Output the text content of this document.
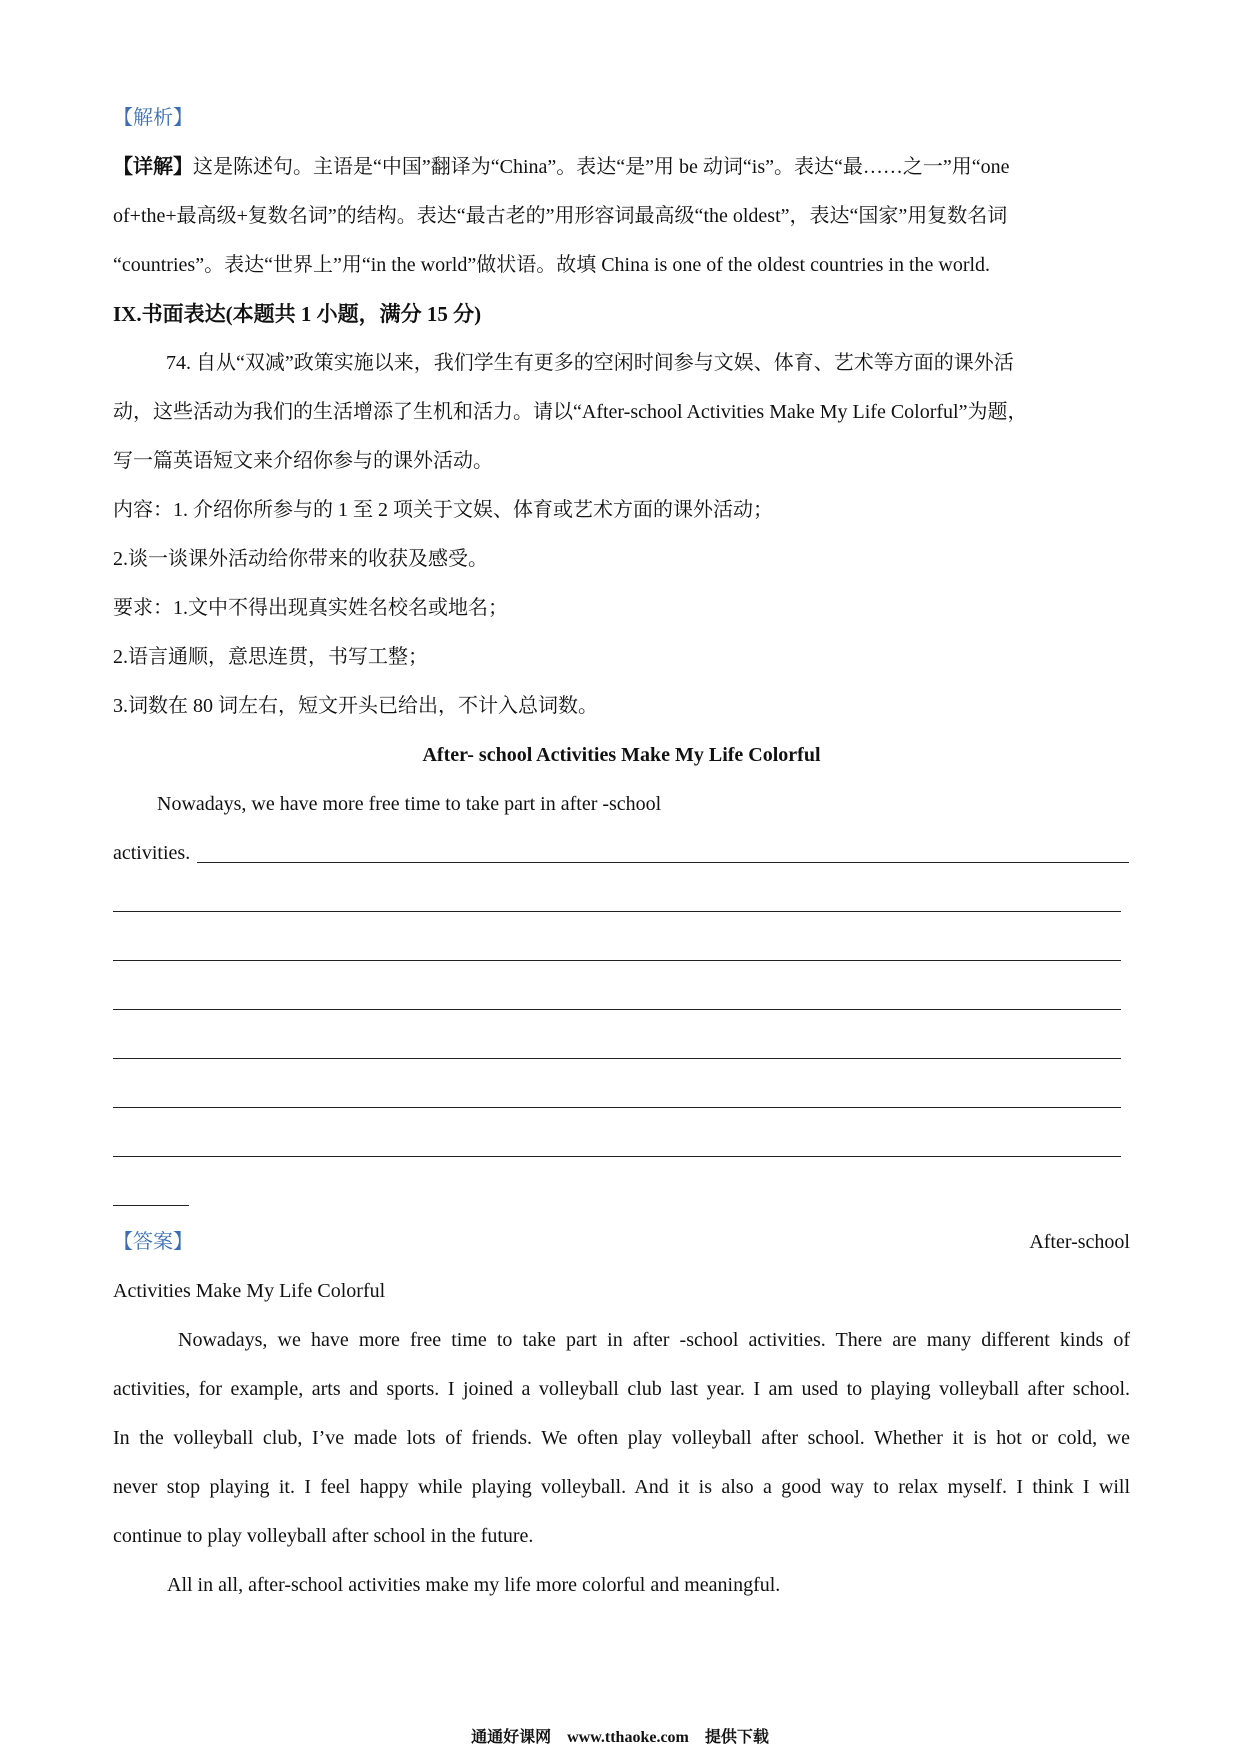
【解析】
【详解】这是陈述句。主语是“中国”翻译为“China”。表达“是”用 be 动词“is”。表达“最……之一”用“one
of+the+最高级+复数名词”的结构。表达“最古老的”用形容词最高级“the oldest”，表达“国家”用复数名词
“countries”。表达“世界上”用“in the world”做状语。故填 China is one of the oldest countries in the world.
IX.书面表达(本题共 1 小题，满分 15 分)
74. 自从“双减”政策实施以来，我们学生有更多的空闲时间参与文娱、体育、艺术等方面的课外活
动，这些活动为我们的生活增添了生机和活力。请以“After-school Activities Make My Life Colorful”为题，
写一篇英语短文来介绍你参与的课外活动。
内容：1. 介绍你所参与的 1 至 2 项关于文娱、体育或艺术方面的课外活动；
2.谈一谈课外活动给你带来的收获及感受。
要求：1.文中不得出现真实姓名校名或地名；
2.语言通顺，意思连贯，书写工整；
3.词数在 80 词左右，短文开头已给出，不计入总词数。
After- school Activities Make My Life Colorful
Nowadays, we have more free time to take part in after -school
activities.
【答案】	After-school
Activities Make My Life Colorful
Nowadays, we have more free time to take part in after -school activities. There are many different kinds of
activities, for example, arts and sports. I joined a volleyball club last year. I am used to playing volleyball after school.
In the volleyball club, I’ve made lots of friends. We often play volleyball after school. Whether it is hot or cold, we
never stop playing it. I feel happy while playing volleyball. And it is also a good way to relax myself. I think I will
continue to play volleyball after school in the future.
All in all, after-school activities make my life more colorful and meaningful.
通通好课网 www.tthaoke.com 提供下载
